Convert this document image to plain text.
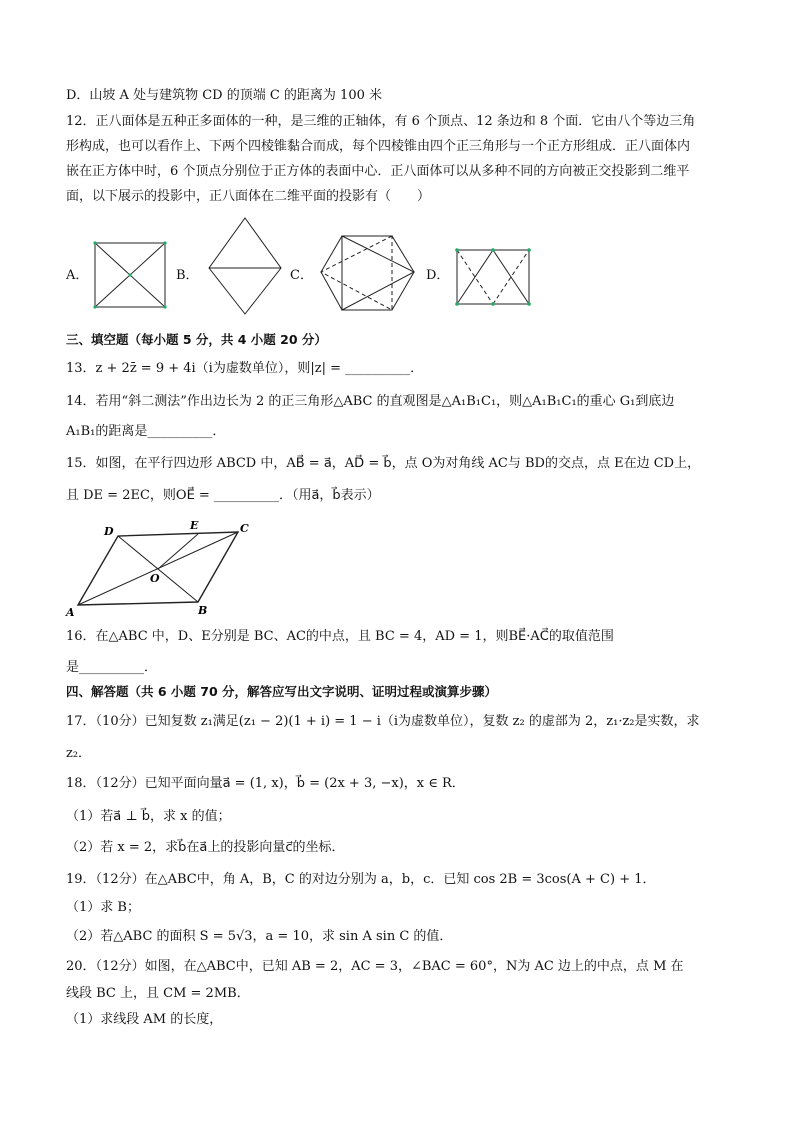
D．山坡 A 处与建筑物 CD 的顶端 C 的距离为 100 米
12．正八面体是五种正多面体的一种，是三维的正轴体，有 6 个顶点、12 条边和 8 个面．它由八个等边三角
形构成，也可以看作上、下两个四棱锥黏合而成，每个四棱锥由四个正三角形与一个正方形组成．正八面体内
嵌在正方体中时，6 个顶点分别位于正方体的表面中心．正八面体可以从多种不同的方向被正交投影到二维平
面，以下展示的投影中，正八面体在二维平面的投影有（　　）
A．	B．	C．	D．
三、填空题（每小题 5 分，共 4 小题 20 分）
13．z + 2z̄ = 9 + 4i（i为虚数单位），则|z| = __________．
14．若用“斜二测法”作出边长为 2 的正三角形△ABC 的直观图是△A₁B₁C₁，则△A₁B₁C₁的重心 G₁到底边
A₁B₁的距离是__________．
15．如图，在平行四边形 ABCD 中，AB⃗ = a⃗，AD⃗ = b⃗，点 O为对角线 AC与 BD的交点，点 E在边 CD上，
且 DE = 2EC，则OE⃗ = __________．（用a⃗，b⃗表示）
D	E	C
O
A	B
16．在△ABC 中，D、E分别是 BC、AC的中点，且 BC = 4，AD = 1，则BE⃗·AC⃗的取值范围
是__________．
四、解答题（共 6 小题 70 分，解答应写出文字说明、证明过程或演算步骤）
17．（10分）已知复数 z₁满足(z₁ − 2)(1 + i) = 1 − i（i为虚数单位），复数 z₂ 的虚部为 2，z₁·z₂是实数，求
z₂．
18．（12分）已知平面向量a⃗ = (1, x)，b⃗ = (2x + 3, −x)，x ∈ R．
（1）若a⃗ ⊥ b⃗，求 x 的值；
（2）若 x = 2，求b⃗在a⃗上的投影向量c⃗的坐标．
19．（12分）在△ABC中，角 A，B，C 的对边分别为 a，b，c．已知 cos 2B = 3cos(A + C) + 1．
（1）求 B；
（2）若△ABC 的面积 S = 5√3，a = 10，求 sin A sin C 的值．
20．（12分）如图，在△ABC中，已知 AB = 2，AC = 3，∠BAC = 60°，N为 AC 边上的中点，点 M 在
线段 BC 上，且 CM = 2MB．
（1）求线段 AM 的长度，
